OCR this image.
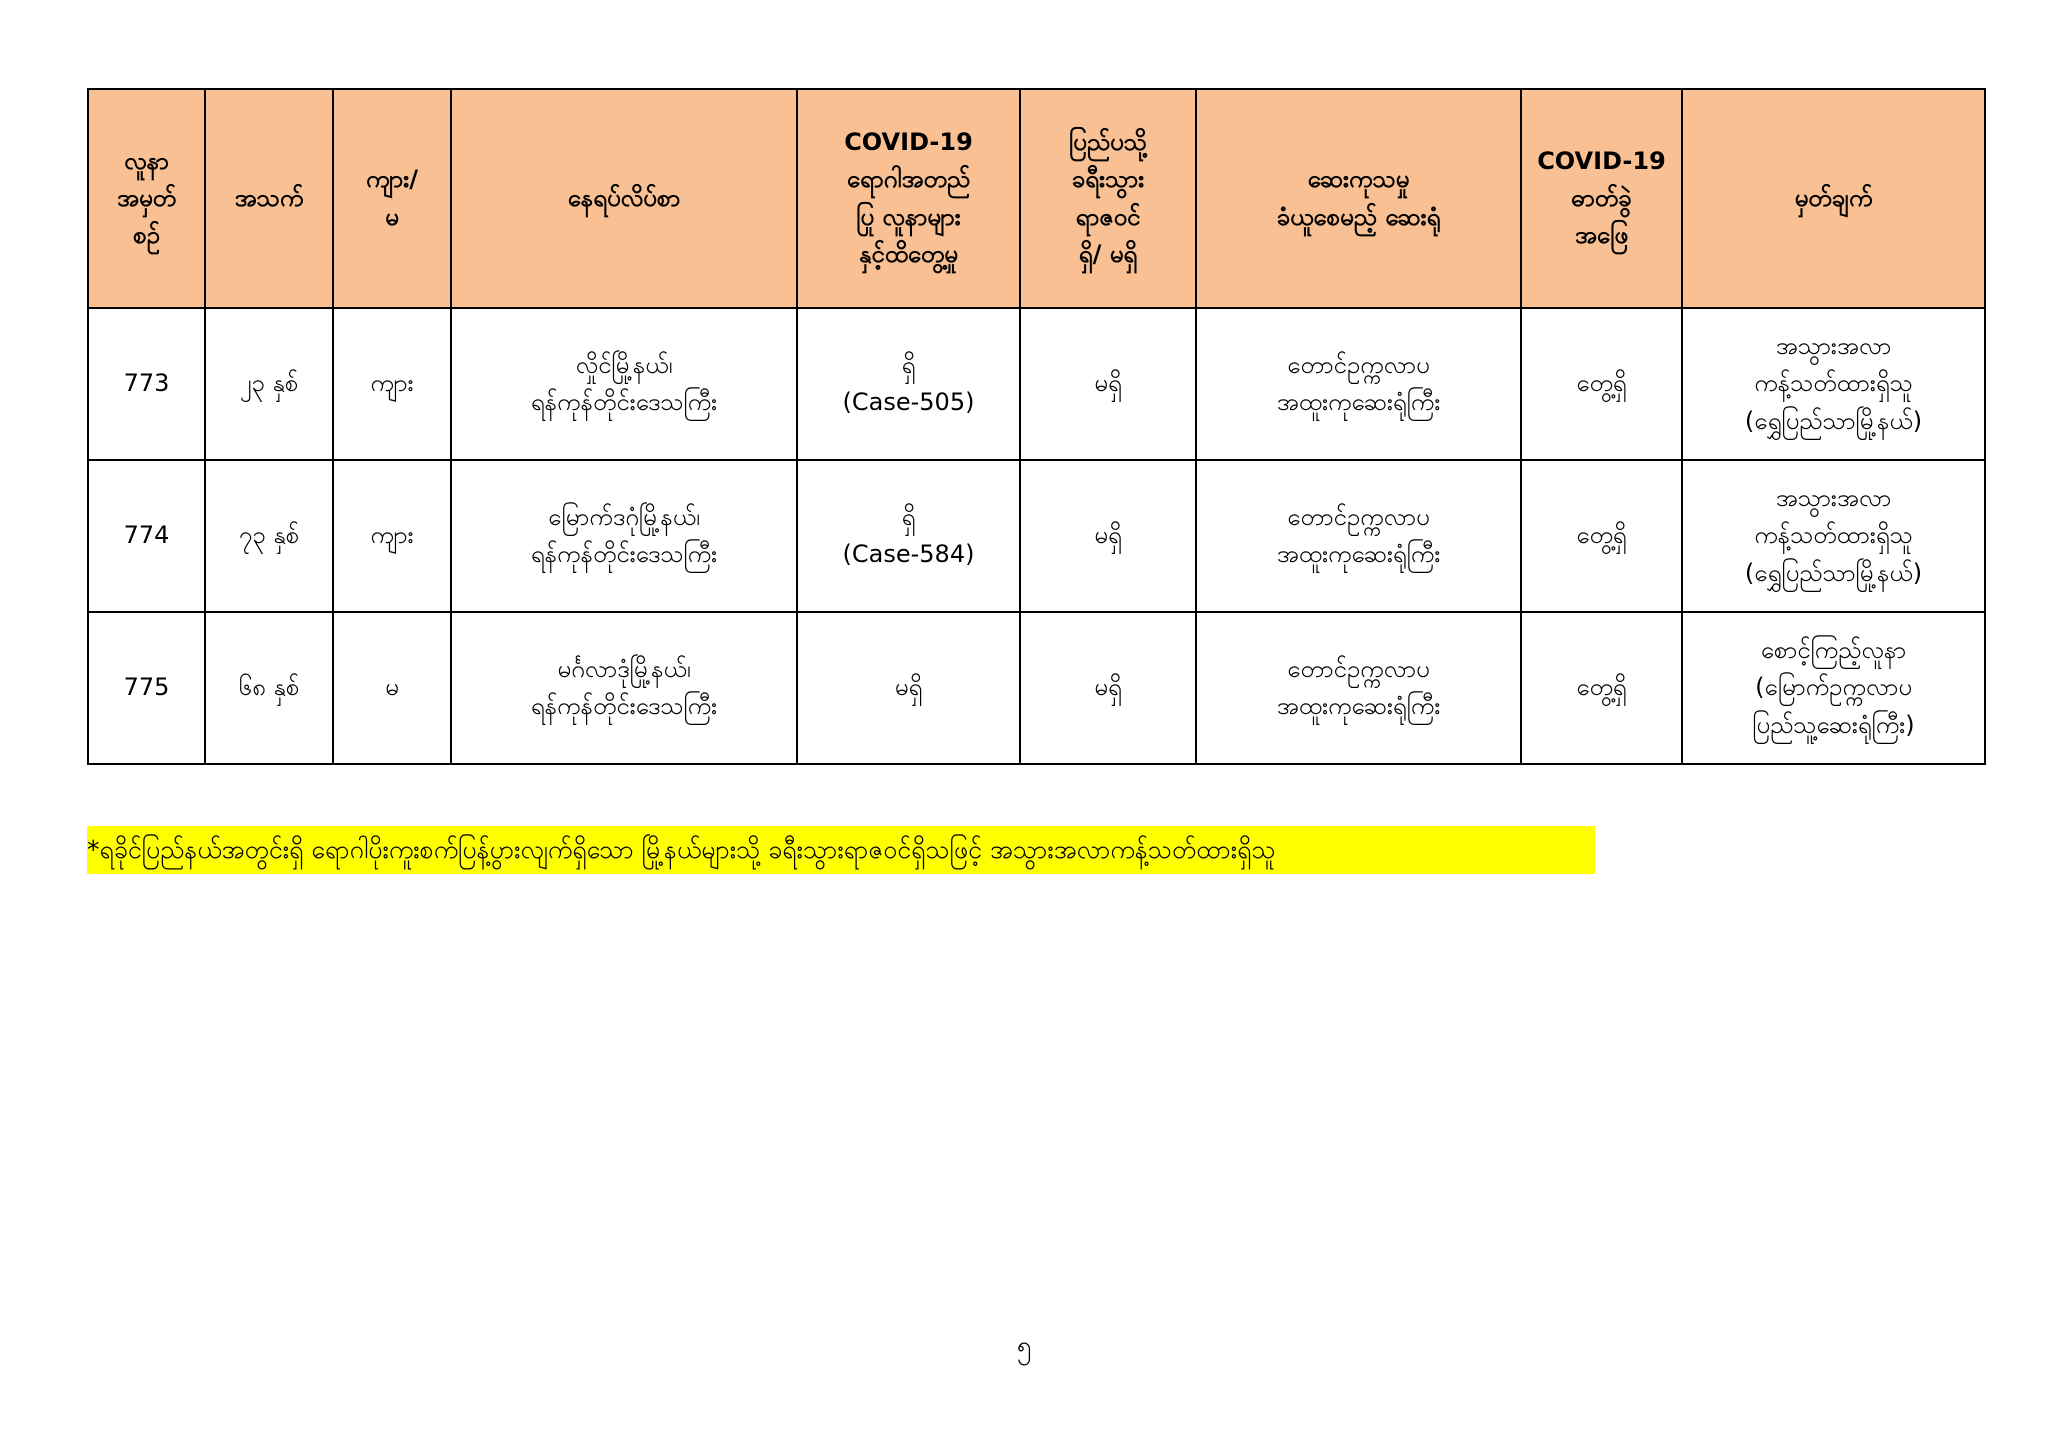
လူနာ
အမှတ်
စဉ်	အသက်	ကျား/
မ	နေရပ်လိပ်စာ	COVID-19
ရောဂါအတည်
ပြု လူနာများ
နှင့်ထိတွေ့မှု	ပြည်ပသို့
ခရီးသွား
ရာဇဝင်
ရှိ/ မရှိ	ဆေးကုသမှု
ခံယူစေမည့် ဆေးရုံ	COVID-19
ဓာတ်ခွဲ
အဖြေ	မှတ်ချက်

773	၂၃ နှစ်	ကျား	လှိုင်မြို့နယ်၊
ရန်ကုန်တိုင်းဒေသကြီး	ရှိ
(Case-505)	မရှိ	တောင်ဥက္ကလာပ
အထူးကုဆေးရုံကြီး	တွေ့ရှိ	အသွားအလာ
ကန့်သတ်ထားရှိသူ
(ရွှေပြည်သာမြို့နယ်)

774	၇၃ နှစ်	ကျား	မြောက်ဒဂုံမြို့နယ်၊
ရန်ကုန်တိုင်းဒေသကြီး	ရှိ
(Case-584)	မရှိ	တောင်ဥက္ကလာပ
အထူးကုဆေးရုံကြီး	တွေ့ရှိ	အသွားအလာ
ကန့်သတ်ထားရှိသူ
(ရွှေပြည်သာမြို့နယ်)

775	၆၈ နှစ်	မ	မင်္ဂလာဒုံမြို့နယ်၊
ရန်ကုန်တိုင်းဒေသကြီး	မရှိ	မရှိ	တောင်ဥက္ကလာပ
အထူးကုဆေးရုံကြီး	တွေ့ရှိ	စောင့်ကြည့်လူနာ
(မြောက်ဥက္ကလာပ
ပြည်သူ့ဆေးရုံကြီး)
*ရခိုင်ပြည်နယ်အတွင်းရှိ ရောဂါပိုးကူးစက်ပြန့်ပွားလျက်ရှိသော မြို့နယ်များသို့ ခရီးသွားရာဇဝင်ရှိသဖြင့် အသွားအလာကန့်သတ်ထားရှိသူ
၅
